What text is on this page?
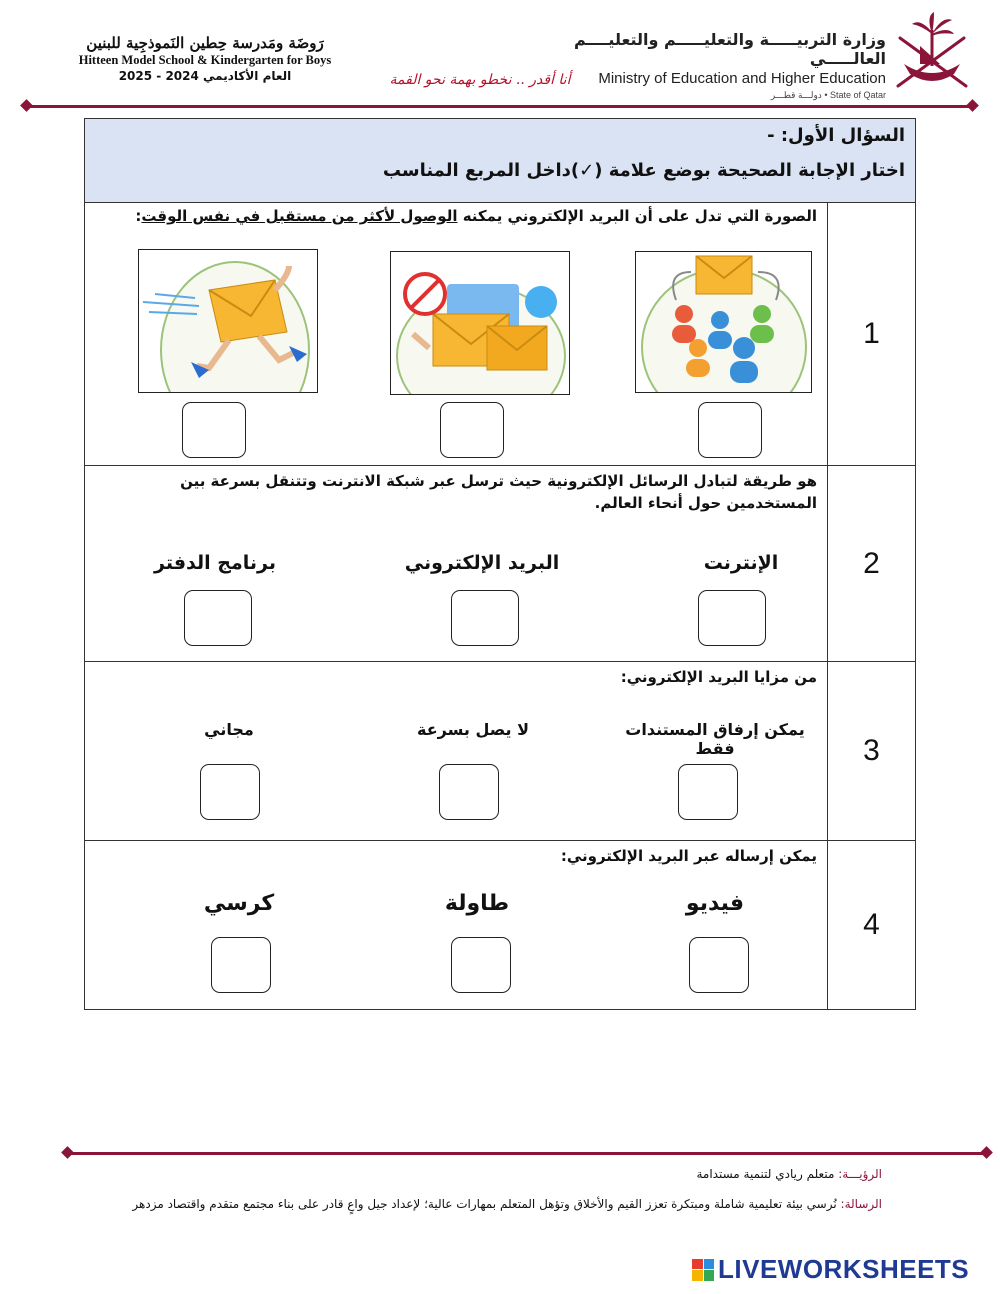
وزارة التربيـــــة والتعليـــــم والتعليــــم العالـــــي
Ministry of Education and Higher Education
State of Qatar • دولـــة قطـــر
رَوضَة ومَدرسة حِطين النَموذجِية للبنين
Hitteen Model School & Kindergarten for Boys
العام الأكاديمي 2024 - 2025	أنا أقدر .. نخطو بهمة نحو القمة
السؤال الأول: -
اختار الإجابة الصحيحة بوضع علامة (✓)داخل المربع المناسب
1
الصورة التي تدل على أن البريد الإلكتروني يمكنه الوصول لأكثر من مستقبل في نفس الوقت:
2
هو طريقة لتبادل الرسائل الإلكترونية حيث ترسل عبر شبكة الانترنت وتتنقل بسرعة بين المستخدمين حول أنحاء العالم.
الإنترنت
البريد الإلكتروني
برنامج الدفتر
3
من مزايا البريد الإلكتروني:
يمكن إرفاق المستندات فقط
لا يصل بسرعة
مجاني
4
يمكن إرساله عبر البريد الإلكتروني:
فيديو
طاولة
كرسي
الرؤيـــة: متعلم ريادي لتنمية مستدامة
الرسالة: نُرسي بيئة تعليمية شاملة ومبتكرة تعزز القيم والأخلاق وتؤهل المتعلم بمهارات عالية؛ لإعداد جيل واعٍ قادر على بناء مجتمع متقدم واقتصاد مزدهر
LIVEWORKSHEETS
